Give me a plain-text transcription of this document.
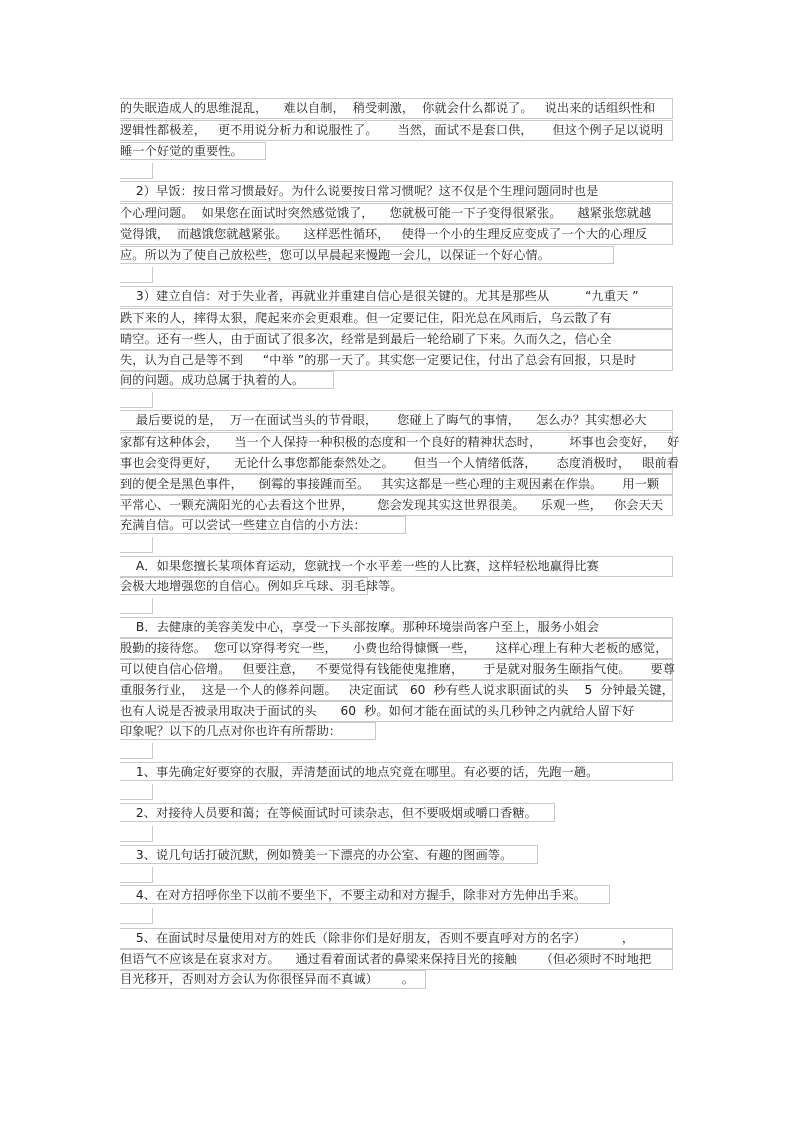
的失眠造成人的思维混乱，    难以自制，  稍受刺激，  你就会什么都说了。   说出来的话组织性和
逻辑性都极差，   更不用说分析力和说服性了。     当然，面试不是套口供，     但这个例子足以说明
睡一个好觉的重要性。
2）早饭：按日常习惯最好。为什么说要按日常习惯呢？这不仅是个生理问题同时也是
个心理问题。  如果您在面试时突然感觉饿了，    您就极可能一下子变得很紧张。    越紧张您就越
觉得饿，  而越饿您就越紧张。    这样恶性循环，   使得一个小的生理反应变成了一个大的心理反
应。所以为了使自己放松些，您可以早晨起来慢跑一会儿，以保证一个好心情。
3）建立自信：对于失业者，再就业并重建自信心是很关键的。尤其是那些从         “九重天 ”
跌下来的人，摔得太狠，爬起来亦会更艰难。但一定要记住，阳光总在风雨后，乌云散了有
晴空。还有一些人，由于面试了很多次，经常是到最后一轮给刷了下来。久而久之，信心全
失，认为自己是等不到     “中举 ”的那一天了。其实您一定要记住，付出了总会有回报，只是时
间的问题。成功总属于执着的人。
最后要说的是，  万一在面试当头的节骨眼，     您碰上了晦气的事情，    怎么办？其实想必大
家都有这种体会，    当一个人保持一种积极的态度和一个良好的精神状态时，       坏事也会变好，   好
事也会变得更好，    无论什么事您都能泰然处之。     但当一个人情绪低落，     态度消极时，   眼前看
到的便全是黑色事件，    倒霉的事接踵而至。   其实这都是一些心理的主观因素在作祟。     用一颗
平常心、一颗充满阳光的心去看这个世界，      您会发现其实这世界很美。    乐观一些，   你会天天
充满自信。可以尝试一些建立自信的小方法：
A．如果您擅长某项体育运动，您就找一个水平差一些的人比赛，这样轻松地赢得比赛
会极大地增强您的自信心。例如乒乓球、羽毛球等。
B．去健康的美容美发中心，享受一下头部按摩。那种环境崇尚客户至上，服务小姐会
殷勤的接待您。  您可以穿得考究一些，    小费也给得慷慨一些，     这样心理上有种大老板的感觉，
可以使自信心倍增。   但要注意，   不要觉得有钱能使鬼推磨，     于是就对服务生颐指气使。     要尊
重服务行业，  这是一个人的修养问题。   决定面试   60  秒有些人说求职面试的头    5  分钟最关键，
也有人说是否被录用取决于面试的头      60  秒。如何才能在面试的头几秒钟之内就给人留下好
印象呢？以下的几点对你也许有所帮助：
1、事先确定好要穿的衣服，弄清楚面试的地点究竟在哪里。有必要的话，先跑一趟。
2、对接待人员要和蔼；在等候面试时可读杂志，但不要吸烟或嚼口香糖。
3、说几句话打破沉默，例如赞美一下漂亮的办公室、有趣的图画等。
4、在对方招呼你坐下以前不要坐下，不要主动和对方握手，除非对方先伸出手来。
5、在面试时尽量使用对方的姓氏（除非你们是好朋友，否则不要直呼对方的名字）         ，
但语气不应该是在哀求对方。    通过看着面试者的鼻梁来保持目光的接触      （但必须时不时地把
目光移开，否则对方会认为你很怪异而不真诚）      。
